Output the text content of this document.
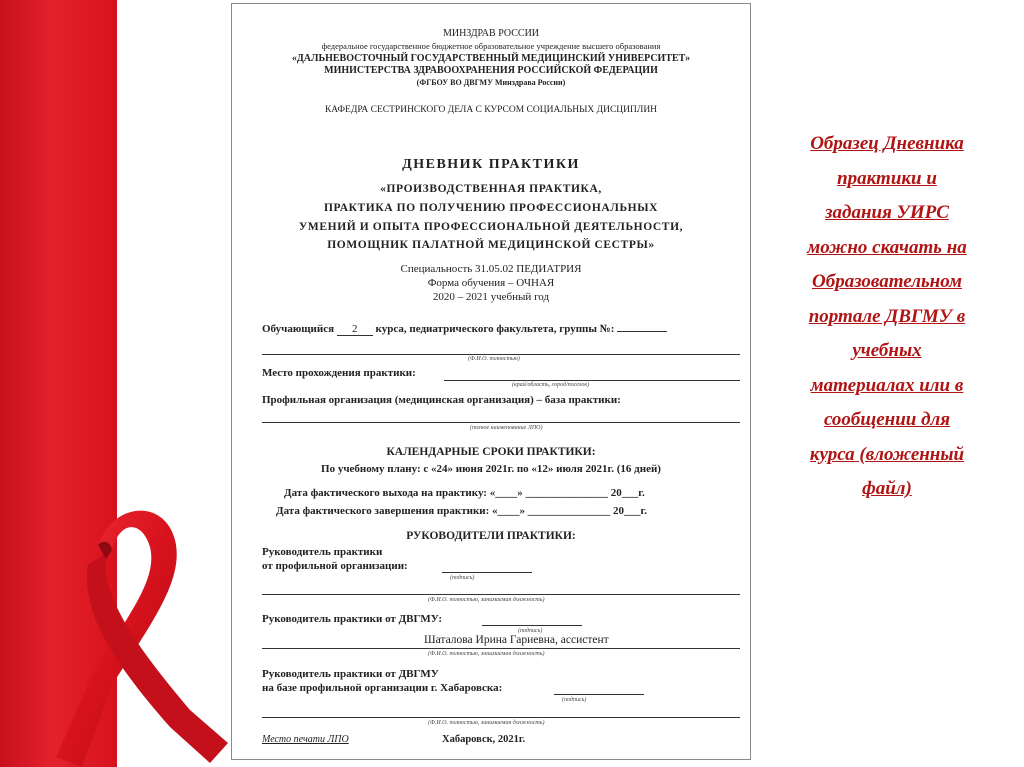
МИНЗДРАВ РОССИИ
федеральное государственное бюджетное образовательное учреждение высшего образования
«ДАЛЬНЕВОСТОЧНЫЙ ГОСУДАРСТВЕННЫЙ МЕДИЦИНСКИЙ УНИВЕРСИТЕТ»
МИНИСТЕРСТВА ЗДРАВООХРАНЕНИЯ РОССИЙСКОЙ ФЕДЕРАЦИИ
(ФГБОУ ВО ДВГМУ Минздрава России)
КАФЕДРА СЕСТРИНСКОГО ДЕЛА С КУРСОМ СОЦИАЛЬНЫХ ДИСЦИПЛИН
ДНЕВНИК ПРАКТИКИ
«ПРОИЗВОДСТВЕННАЯ ПРАКТИКА,
ПРАКТИКА ПО ПОЛУЧЕНИЮ ПРОФЕССИОНАЛЬНЫХ
УМЕНИЙ И ОПЫТА ПРОФЕССИОНАЛЬНОЙ ДЕЯТЕЛЬНОСТИ,
ПОМОЩНИК ПАЛАТНОЙ МЕДИЦИНСКОЙ СЕСТРЫ»
Специальность 31.05.02 ПЕДИАТРИЯ
Форма обучения – ОЧНАЯ
2020 – 2021 учебный год
Обучающийся 2 курса, педиатрического факультета, группы №:
(Ф.И.О. полностью)
Место прохождения практики:
(край/область, город/поселок)
Профильная организация (медицинская организация) – база практики:
(полное наименование ЛПО)
КАЛЕНДАРНЫЕ СРОКИ ПРАКТИКИ:
По учебному плану: с «24» июня 2021г. по «12» июля 2021г. (16 дней)
Дата фактического выхода на практику: «____» _______________ 20___г.
Дата фактического завершения практики: «____» _______________ 20___г.
РУКОВОДИТЕЛИ ПРАКТИКИ:
Руководитель практики
от профильной организации:
(подпись)
(Ф.И.О. полностью, занимаемая должность)
Руководитель практики от ДВГМУ:
(подпись)
Шаталова Ирина Гариевна, ассистент
(Ф.И.О. полностью, занимаемая должность)
Руководитель практики от ДВГМУ
на базе профильной организации г. Хабаровска:
(подпись)
(Ф.И.О. полностью, занимаемая должность)
Место печати ЛПО	Хабаровск, 2021г.
Образец Дневника
практики и
задания УИРС
можно скачать на
Образовательном
портале ДВГМУ в
учебных
материалах или в
сообщении для
курса (вложенный
файл)
